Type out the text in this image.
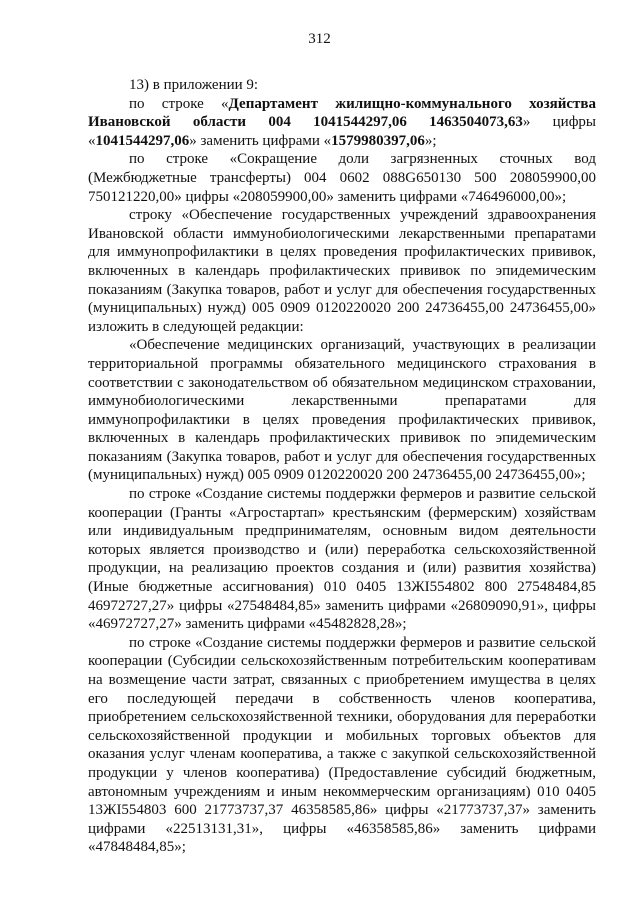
312

13) в приложении 9:

по строке «Департамент жилищно-коммунального хозяйства Ивановской области 004 1041544297,06 1463504073,63» цифры «1041544297,06» заменить цифрами «1579980397,06»;

по строке «Сокращение доли загрязненных сточных вод (Межбюджетные трансферты) 004 0602 088G650130 500 208059900,00 750121220,00» цифры «208059900,00» заменить цифрами «746496000,00»;

строку «Обеспечение государственных учреждений здравоохранения Ивановской области иммунобиологическими лекарственными препаратами для иммунопрофилактики в целях проведения профилактических прививок, включенных в календарь профилактических прививок по эпидемическим показаниям (Закупка товаров, работ и услуг для обеспечения государственных (муниципальных) нужд) 005 0909 0120220020 200 24736455,00 24736455,00» изложить в следующей редакции:

«Обеспечение медицинских организаций, участвующих в реализации территориальной программы обязательного медицинского страхования в соответствии с законодательством об обязательном медицинском страховании, иммунобиологическими лекарственными препаратами для иммунопрофилактики в целях проведения профилактических прививок, включенных в календарь профилактических прививок по эпидемическим показаниям (Закупка товаров, работ и услуг для обеспечения государственных (муниципальных) нужд) 005 0909 0120220020 200 24736455,00 24736455,00»;

по строке «Создание системы поддержки фермеров и развитие сельской кооперации (Гранты «Агростартап» крестьянским (фермерским) хозяйствам или индивидуальным предпринимателям, основным видом деятельности которых является производство и (или) переработка сельскохозяйственной продукции, на реализацию проектов создания и (или) развития хозяйства) (Иные бюджетные ассигнования) 010 0405 13ЖI554802 800 27548484,85 46972727,27» цифры «27548484,85» заменить цифрами «26809090,91», цифры «46972727,27» заменить цифрами «45482828,28»;

по строке «Создание системы поддержки фермеров и развитие сельской кооперации (Субсидии сельскохозяйственным потребительским кооперативам на возмещение части затрат, связанных с приобретением имущества в целях его последующей передачи в собственность членов кооператива, приобретением сельскохозяйственной техники, оборудования для переработки сельскохозяйственной продукции и мобильных торговых объектов для оказания услуг членам кооператива, а также с закупкой сельскохозяйственной продукции у членов кооператива) (Предоставление субсидий бюджетным, автономным учреждениям и иным некоммерческим организациям) 010 0405 13ЖI554803 600 21773737,37 46358585,86» цифры «21773737,37» заменить цифрами «22513131,31», цифры «46358585,86» заменить цифрами «47848484,85»;
